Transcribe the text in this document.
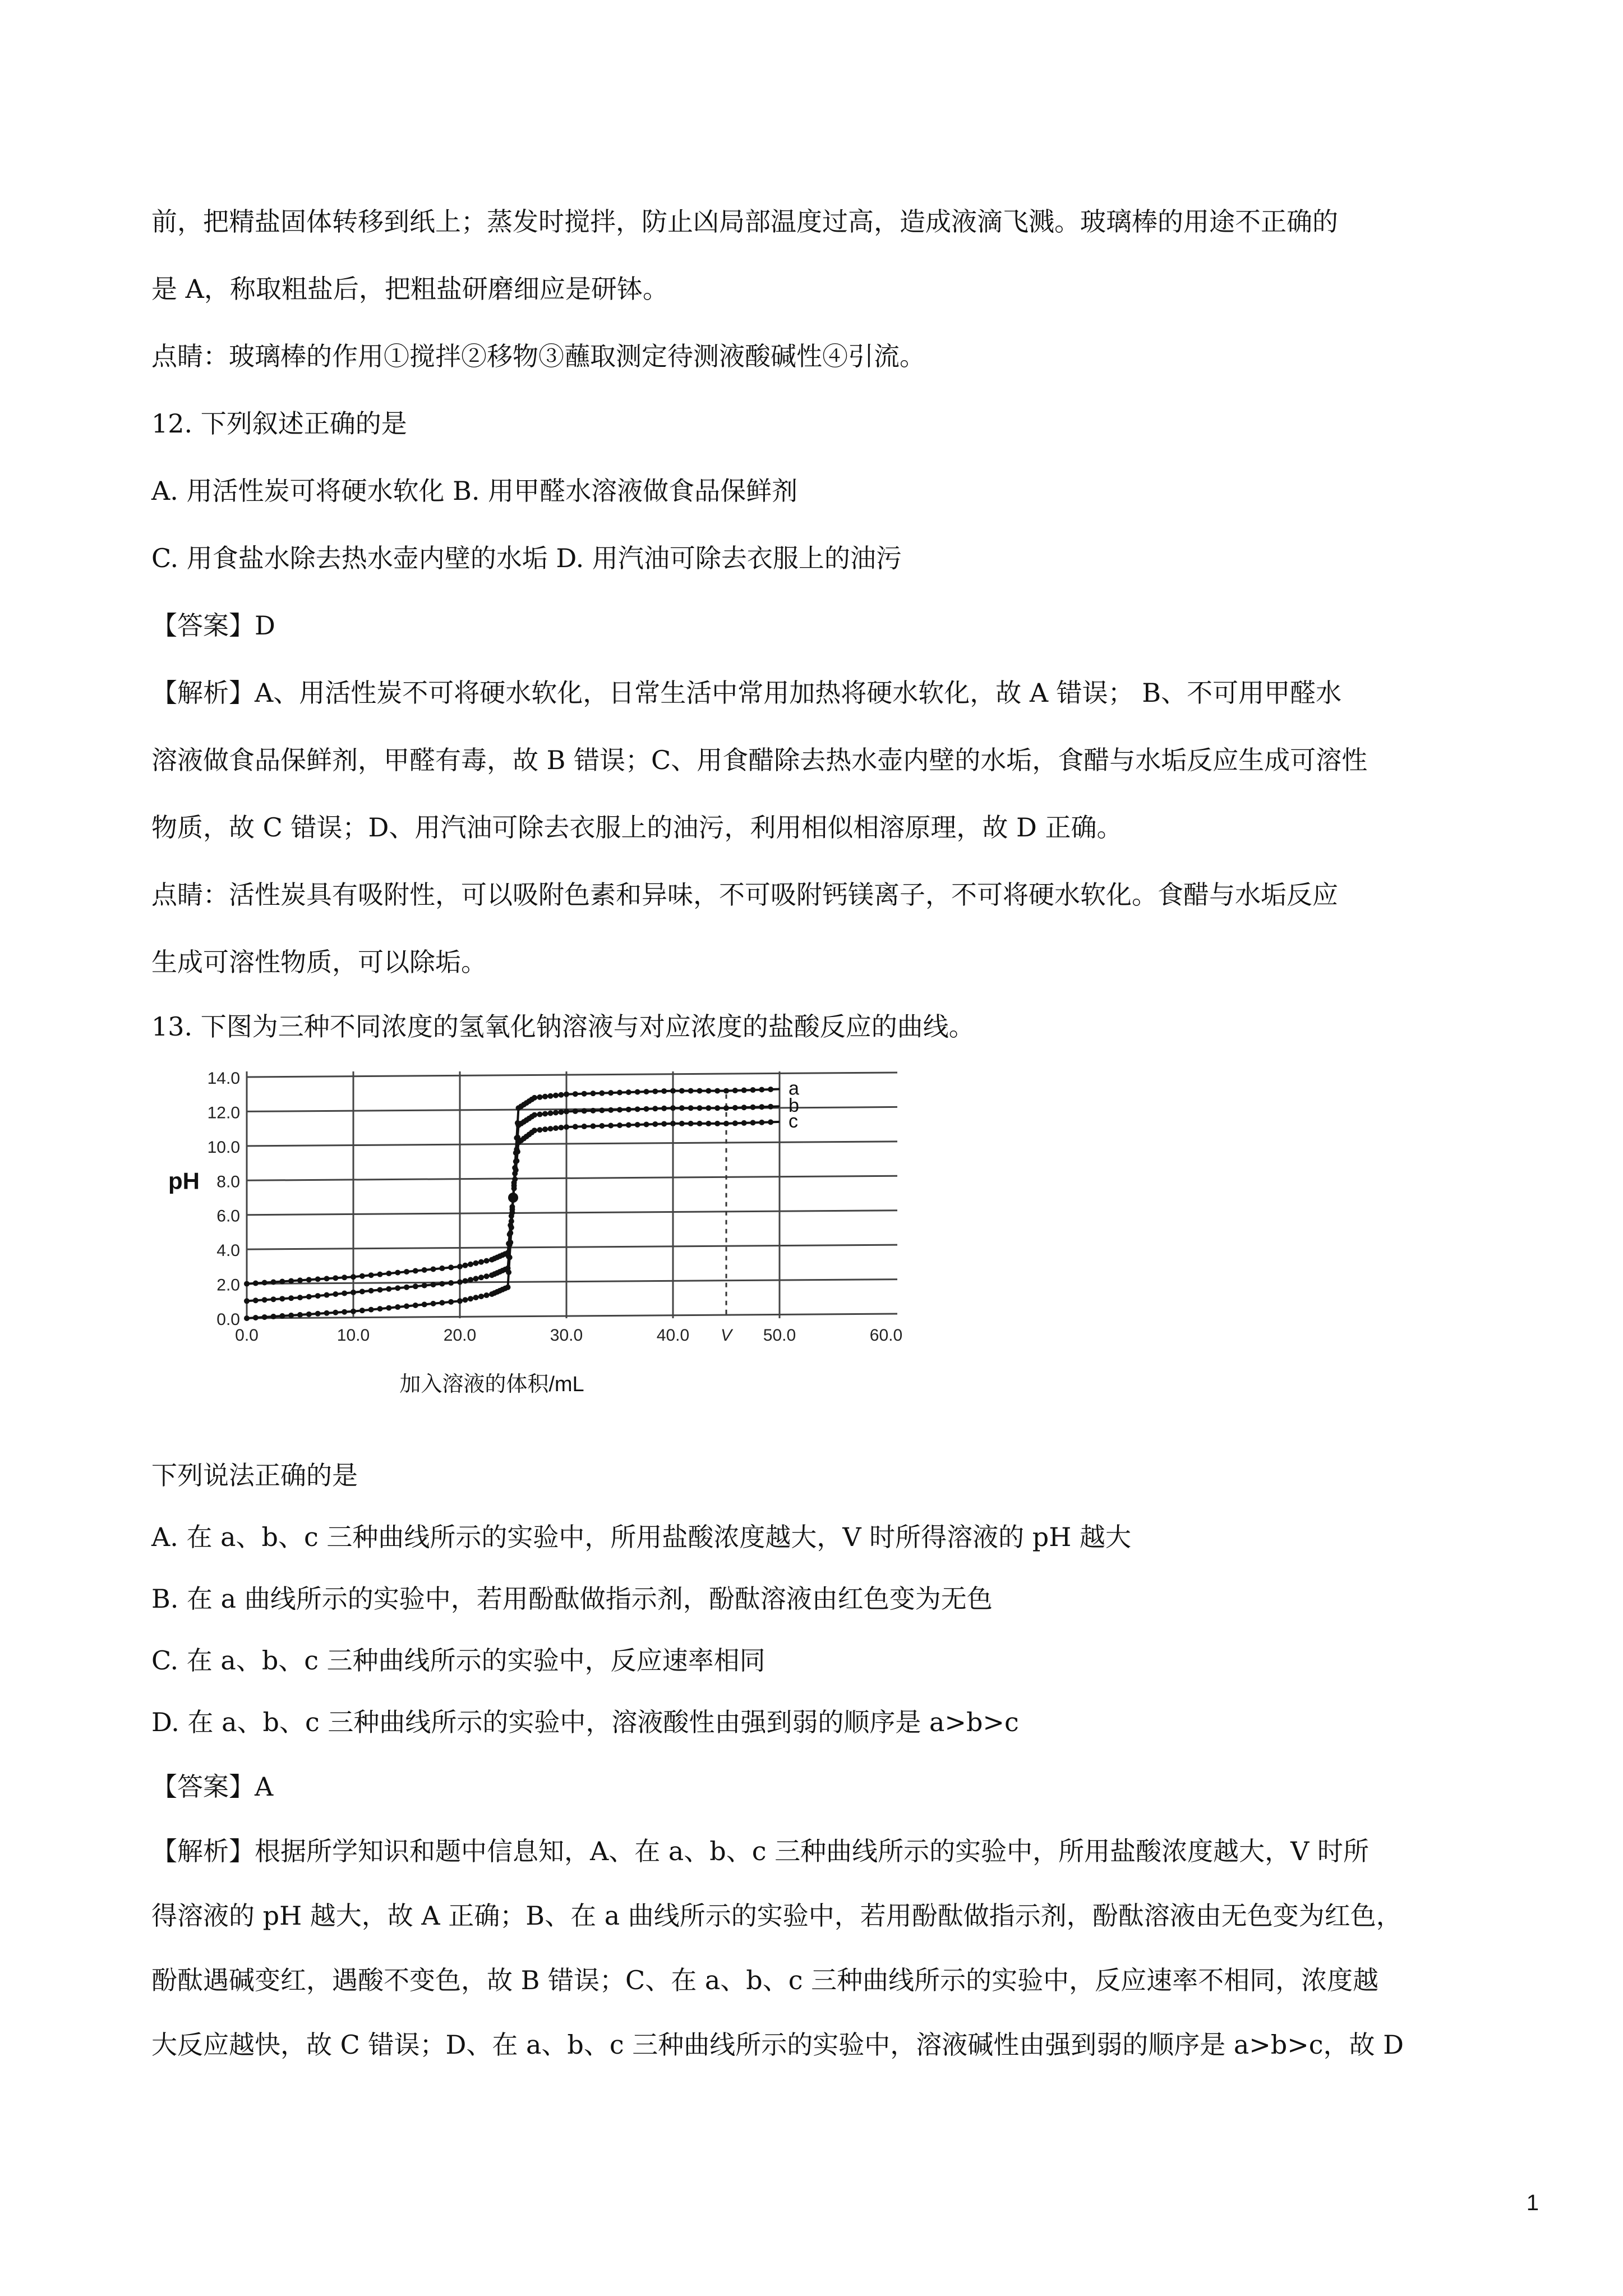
前，把精盐固体转移到纸上；蒸发时搅拌，防止凶局部温度过高，造成液滴飞溅。玻璃棒的用途不正确的
是 A，称取粗盐后，把粗盐研磨细应是研钵。
点睛：玻璃棒的作用①搅拌②移物③蘸取测定待测液酸碱性④引流。
12. 下列叙述正确的是
A. 用活性炭可将硬水软化 B. 用甲醛水溶液做食品保鲜剂
C. 用食盐水除去热水壶内壁的水垢 D. 用汽油可除去衣服上的油污
【答案】D
【解析】A、用活性炭不可将硬水软化，日常生活中常用加热将硬水软化，故 A 错误； B、不可用甲醛水
溶液做食品保鲜剂，甲醛有毒，故 B 错误；C、用食醋除去热水壶内壁的水垢，食醋与水垢反应生成可溶性
物质，故 C 错误；D、用汽油可除去衣服上的油污，利用相似相溶原理，故 D 正确。
点睛：活性炭具有吸附性，可以吸附色素和异味，不可吸附钙镁离子，不可将硬水软化。食醋与水垢反应
生成可溶性物质，可以除垢。
13. 下图为三种不同浓度的氢氧化钠溶液与对应浓度的盐酸反应的曲线。
0.0
2.0
4.0
6.0
8.0
10.0
12.0
14.0
0.0	10.0	20.0	30.0	40.0 V 50.0	60.0
pH
加入溶液的体积/mL
a
b
c
下列说法正确的是
A. 在 a、b、c 三种曲线所示的实验中，所用盐酸浓度越大，V 时所得溶液的 pH 越大
B. 在 a 曲线所示的实验中，若用酚酞做指示剂，酚酞溶液由红色变为无色
C. 在 a、b、c 三种曲线所示的实验中，反应速率相同
D. 在 a、b、c 三种曲线所示的实验中，溶液酸性由强到弱的顺序是 a>b>c
【答案】A
【解析】根据所学知识和题中信息知，A、在 a、b、c 三种曲线所示的实验中，所用盐酸浓度越大，V 时所
得溶液的 pH 越大，故 A 正确；B、在 a 曲线所示的实验中，若用酚酞做指示剂，酚酞溶液由无色变为红色，
酚酞遇碱变红，遇酸不变色，故 B 错误；C、在 a、b、c 三种曲线所示的实验中，反应速率不相同，浓度越
大反应越快，故 C 错误；D、在 a、b、c 三种曲线所示的实验中，溶液碱性由强到弱的顺序是 a>b>c，故 D
1
